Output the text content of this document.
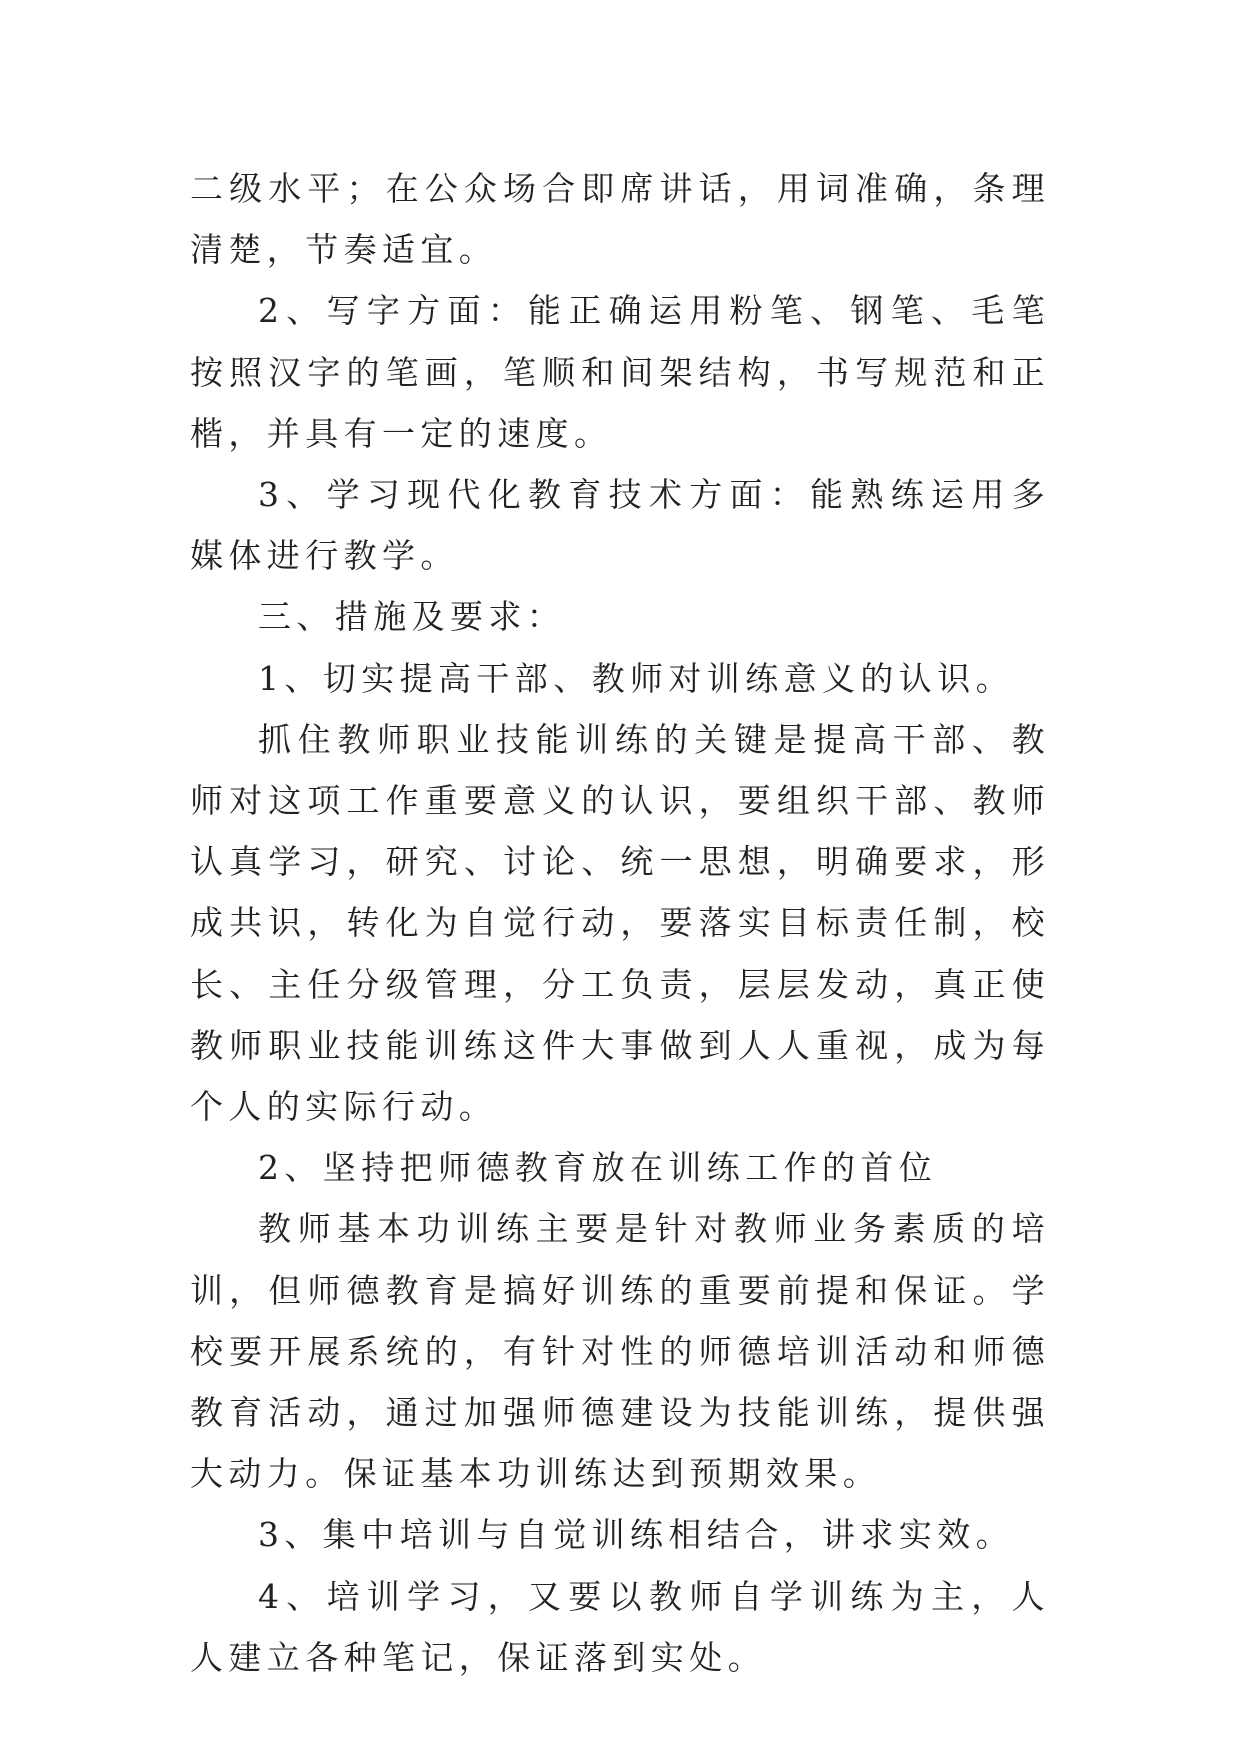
二级水平；在公众场合即席讲话，用词准确，条理清楚，节奏适宜。

2、写字方面：能正确运用粉笔、钢笔、毛笔按照汉字的笔画，笔顺和间架结构，书写规范和正楷，并具有一定的速度。

3、学习现代化教育技术方面：能熟练运用多媒体进行教学。

三、措施及要求：

1、切实提高干部、教师对训练意义的认识。

抓住教师职业技能训练的关键是提高干部、教师对这项工作重要意义的认识，要组织干部、教师认真学习，研究、讨论、统一思想，明确要求，形成共识，转化为自觉行动，要落实目标责任制，校长、主任分级管理，分工负责，层层发动，真正使教师职业技能训练这件大事做到人人重视，成为每个人的实际行动。

2、坚持把师德教育放在训练工作的首位

教师基本功训练主要是针对教师业务素质的培训，但师德教育是搞好训练的重要前提和保证。学校要开展系统的，有针对性的师德培训活动和师德教育活动，通过加强师德建设为技能训练，提供强大动力。保证基本功训练达到预期效果。

3、集中培训与自觉训练相结合，讲求实效。

4、培训学习，又要以教师自学训练为主，人人建立各种笔记，保证落到实处。
